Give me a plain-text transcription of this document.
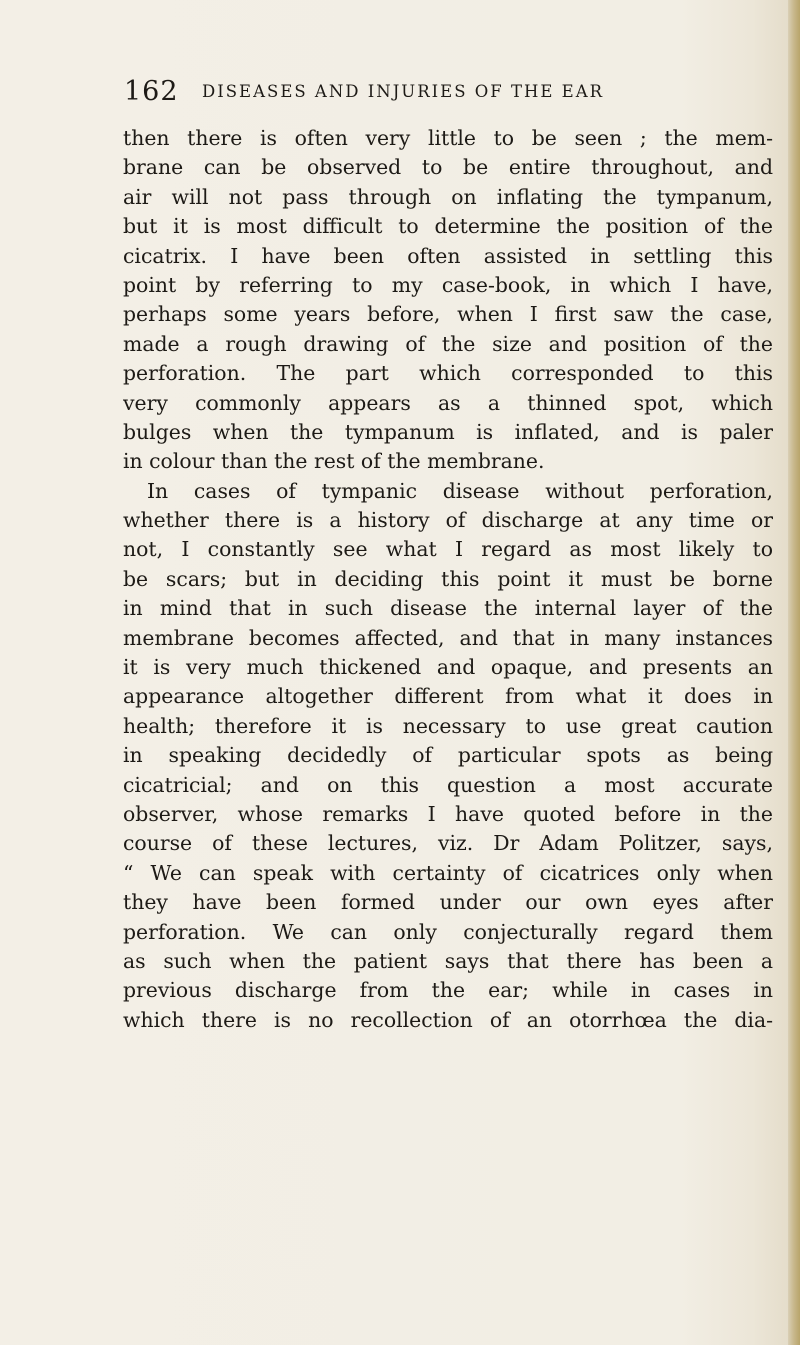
162 DISEASES AND INJURIES OF THE EAR
then there is often very little to be seen ; the mem-
brane can be observed to be entire throughout, and
air will not pass through on inflating the tympanum,
but it is most difficult to determine the position of the
cicatrix. I have been often assisted in settling this
point by referring to my case-book, in which I have,
perhaps some years before, when I first saw the case,
made a rough drawing of the size and position of the
perforation. The part which corresponded to this
very commonly appears as a thinned spot, which
bulges when the tympanum is inflated, and is paler
in colour than the rest of the membrane.
In cases of tympanic disease without perforation,
whether there is a history of discharge at any time or
not, I constantly see what I regard as most likely to
be scars; but in deciding this point it must be borne
in mind that in such disease the internal layer of the
membrane becomes affected, and that in many instances
it is very much thickened and opaque, and presents an
appearance altogether different from what it does in
health; therefore it is necessary to use great caution
in speaking decidedly of particular spots as being
cicatricial; and on this question a most accurate
observer, whose remarks I have quoted before in the
course of these lectures, viz. Dr Adam Politzer, says,
“ We can speak with certainty of cicatrices only when
they have been formed under our own eyes after
perforation. We can only conjecturally regard them
as such when the patient says that there has been a
previous discharge from the ear; while in cases in
which there is no recollection of an otorrhœa the dia-
